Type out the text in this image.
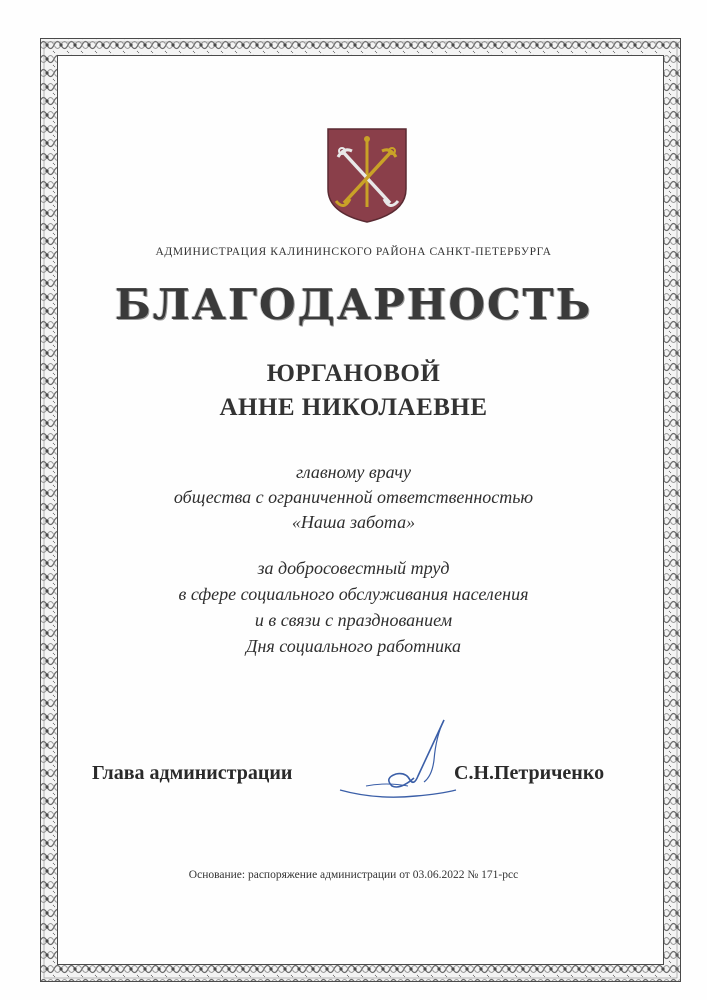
АДМИНИСТРАЦИЯ КАЛИНИНСКОГО РАЙОНА САНКТ-ПЕТЕРБУРГА
БЛАГОДАРНОСТЬ
ЮРГАНОВОЙ
АННЕ НИКОЛАЕВНЕ
главному врачу
общества с ограниченной ответственностью
«Наша забота»
за добросовестный труд
в сфере социального обслуживания населения
и в связи с празднованием
Дня социального работника
Глава администрации	С.Н.Петриченко
Основание: распоряжение администрации от 03.06.2022 № 171-рсс
